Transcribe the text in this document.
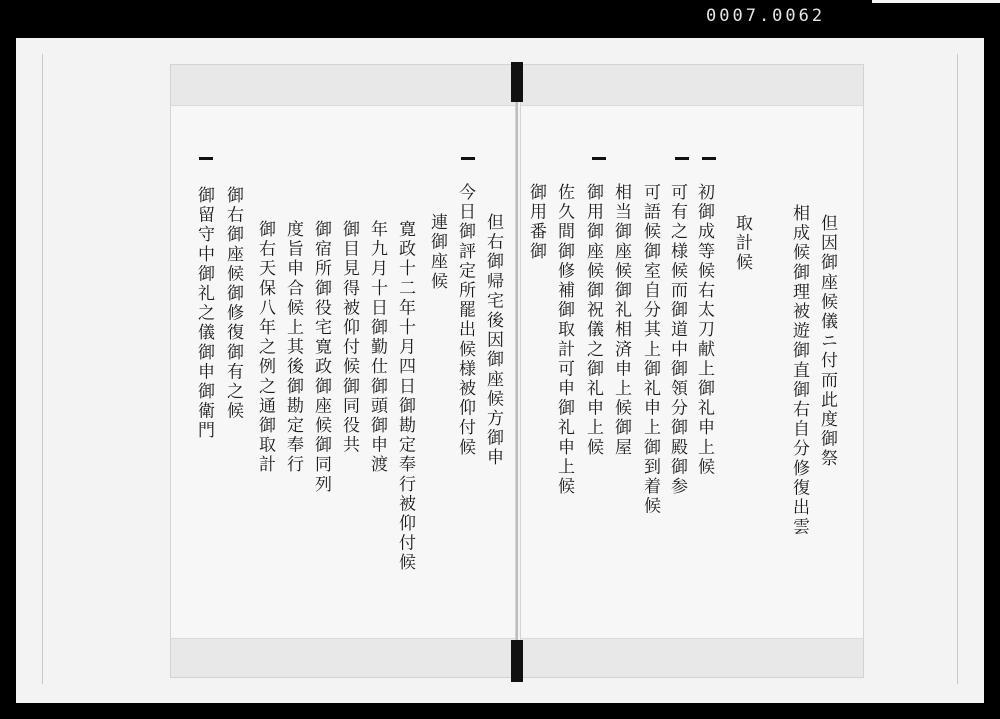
0007.0062
但因御座候儀ニ付而此度御祭
相成候御理被遊御直御右自分修復出雲
取計候
初御成等候右太刀献上御礼申上候
可有之様候而御道中御領分御殿御参
可語候御室自分其上御礼申上御到着候
相当御座候御礼相済申上候御屋
御用御座候御祝儀之御礼申上候
佐久間御修補御取計可申御礼申上候
御用番御
但右御帰宅後因御座候方御申
今日御評定所罷出候様被仰付候
連御座候
寛政十二年十月四日御勘定奉行被仰付候
年九月十日御勤仕御頭御申渡
御目見得被仰付候御同役共
御宿所御役宅寛政御座候御同列
度旨申合候上其後御勘定奉行
御右天保八年之例之通御取計
御右御座候御修復御有之候
御留守中御礼之儀御申御衛門
